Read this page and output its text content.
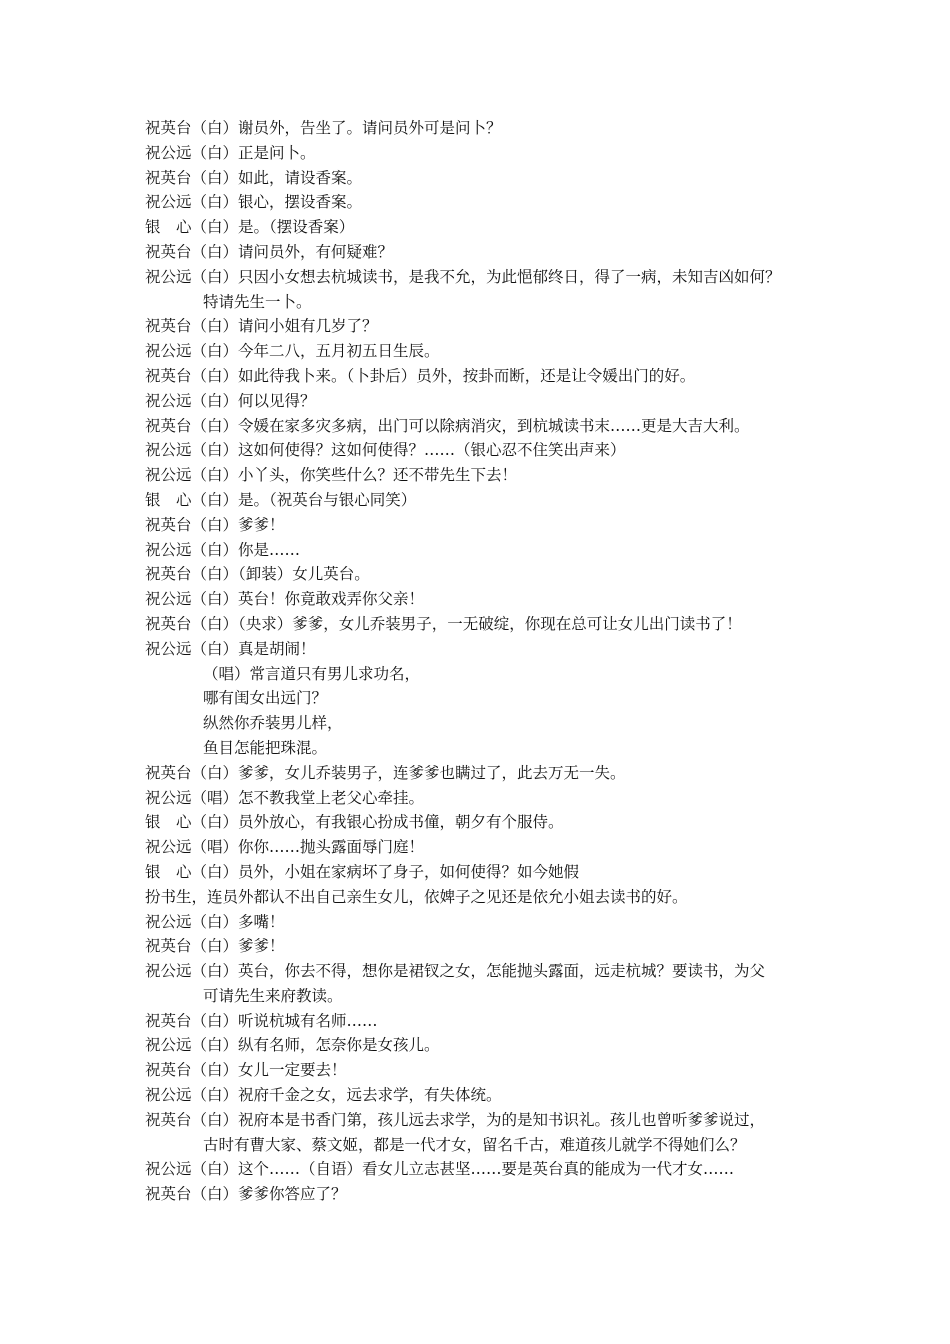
祝英台（白）谢员外，告坐了。请问员外可是问卜？
祝公远（白）正是问卜。
祝英台（白）如此，请设香案。
祝公远（白）银心，摆设香案。
银　心（白）是。（摆设香案）
祝英台（白）请问员外，有何疑难？
祝公远（白）只因小女想去杭城读书，是我不允，为此悒郁终日，得了一病，未知吉凶如何？
特请先生一卜。
祝英台（白）请问小姐有几岁了？
祝公远（白）今年二八，五月初五日生辰。
祝英台（白）如此待我卜来。（卜卦后）员外，按卦而断，还是让令媛出门的好。
祝公远（白）何以见得？
祝英台（白）令媛在家多灾多病，出门可以除病消灾，到杭城读书末……更是大吉大利。
祝公远（白）这如何使得？这如何使得？……（银心忍不住笑出声来）
祝公远（白）小丫头，你笑些什么？还不带先生下去！
银　心（白）是。（祝英台与银心同笑）
祝英台（白）爹爹！
祝公远（白）你是……
祝英台（白）（卸装）女儿英台。
祝公远（白）英台！你竟敢戏弄你父亲！
祝英台（白）（央求）爹爹，女儿乔装男子，一无破绽，你现在总可让女儿出门读书了！
祝公远（白）真是胡闹！
（唱）常言道只有男儿求功名，
哪有闺女出远门？
纵然你乔装男儿样，
鱼目怎能把珠混。
祝英台（白）爹爹，女儿乔装男子，连爹爹也瞒过了，此去万无一失。
祝公远（唱）怎不教我堂上老父心牵挂。
银　心（白）员外放心，有我银心扮成书僮，朝夕有个服侍。
祝公远（唱）你你……抛头露面辱门庭！
银　心（白）员外，小姐在家病坏了身子，如何使得？如今她假
扮书生，连员外都认不出自己亲生女儿，依婢子之见还是依允小姐去读书的好。
祝公远（白）多嘴！
祝英台（白）爹爹！
祝公远（白）英台，你去不得，想你是裙钗之女，怎能抛头露面，远走杭城？要读书，为父
可请先生来府教读。
祝英台（白）听说杭城有名师……
祝公远（白）纵有名师，怎奈你是女孩儿。
祝英台（白）女儿一定要去！
祝公远（白）祝府千金之女，远去求学，有失体统。
祝英台（白）祝府本是书香门第，孩儿远去求学，为的是知书识礼。孩儿也曾听爹爹说过，
古时有曹大家、蔡文姬，都是一代才女，留名千古，难道孩儿就学不得她们么？
祝公远（白）这个……（自语）看女儿立志甚坚……要是英台真的能成为一代才女……
祝英台（白）爹爹你答应了？
